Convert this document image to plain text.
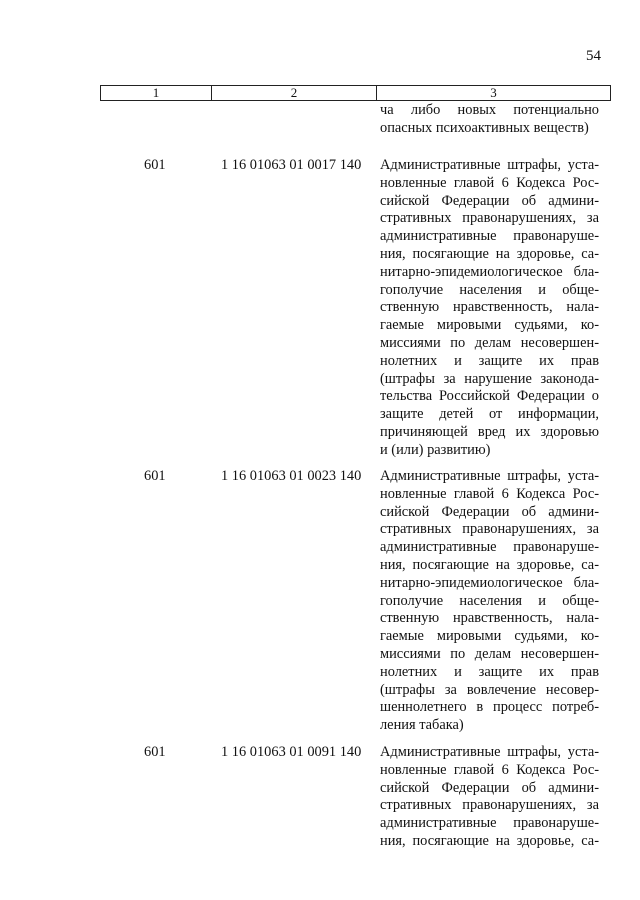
54
1	2	3
ча либо новых потенциально
опасных психоактивных веществ)
601	1 16 01063 01 0017 140 Административные штрафы, уста-
новленные главой 6 Кодекса Рос-
сийской Федерации об админи-
стративных правонарушениях, за
административные правонаруше-
ния, посягающие на здоровье, са-
нитарно-эпидемиологическое бла-
гополучие населения и обще-
ственную нравственность, нала-
гаемые мировыми судьями, ко-
миссиями по делам несовершен-
нолетних и защите их прав
(штрафы за нарушение законода-
тельства Российской Федерации о
защите детей от информации,
причиняющей вред их здоровью
и (или) развитию)
601	1 16 01063 01 0023 140 Административные штрафы, уста-
новленные главой 6 Кодекса Рос-
сийской Федерации об админи-
стративных правонарушениях, за
административные правонаруше-
ния, посягающие на здоровье, са-
нитарно-эпидемиологическое бла-
гополучие населения и обще-
ственную нравственность, нала-
гаемые мировыми судьями, ко-
миссиями по делам несовершен-
нолетних и защите их прав
(штрафы за вовлечение несовер-
шеннолетнего в процесс потреб-
ления табака)
601	1 16 01063 01 0091 140 Административные штрафы, уста-
новленные главой 6 Кодекса Рос-
сийской Федерации об админи-
стративных правонарушениях, за
административные правонаруше-
ния, посягающие на здоровье, са-
